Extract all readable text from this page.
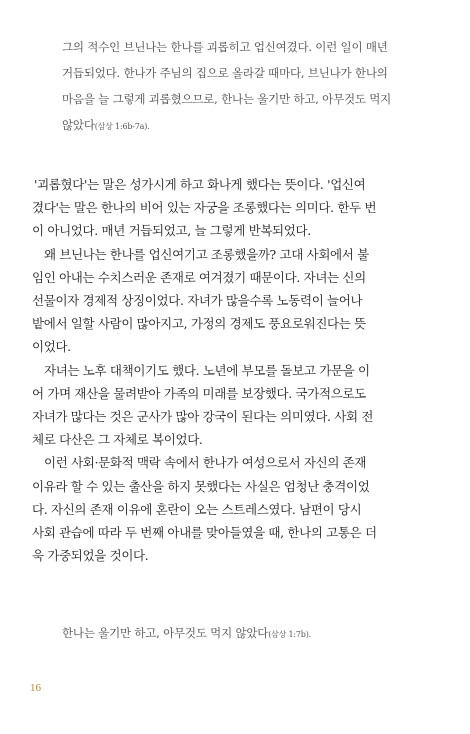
그의 적수인 브닌나는 한나를 괴롭히고 업신여겼다. 이런 일이 매년
거듭되었다. 한나가 주님의 집으로 올라갈 때마다, 브닌나가 한나의
마음을 늘 그렇게 괴롭혔으므로, 한나는 울기만 하고, 아무것도 먹지
않았다(삼상 1:6b-7a).
'괴롭혔다'는 말은 성가시게 하고 화나게 했다는 뜻이다. '업신여
겼다'는 말은 한나의 비어 있는 자궁을 조롱했다는 의미다. 한두 번
이 아니었다. 매년 거듭되었고, 늘 그렇게 반복되었다.
왜 브닌나는 한나를 업신여기고 조롱했을까? 고대 사회에서 불
임인 아내는 수치스러운 존재로 여겨졌기 때문이다. 자녀는 신의
선물이자 경제적 상징이었다. 자녀가 많을수록 노동력이 늘어나
밭에서 일할 사람이 많아지고, 가정의 경제도 풍요로워진다는 뜻
이었다.
자녀는 노후 대책이기도 했다. 노년에 부모를 돌보고 가문을 이
어 가며 재산을 물려받아 가족의 미래를 보장했다. 국가적으로도
자녀가 많다는 것은 군사가 많아 강국이 된다는 의미였다. 사회 전
체로 다산은 그 자체로 복이었다.
이런 사회·문화적 맥락 속에서 한나가 여성으로서 자신의 존재
이유라 할 수 있는 출산을 하지 못했다는 사실은 엄청난 충격이었
다. 자신의 존재 이유에 혼란이 오는 스트레스였다. 남편이 당시
사회 관습에 따라 두 번째 아내를 맞아들였을 때, 한나의 고통은 더
욱 가중되었을 것이다.
한나는 울기만 하고, 아무것도 먹지 않았다(삼상 1:7b).
16
